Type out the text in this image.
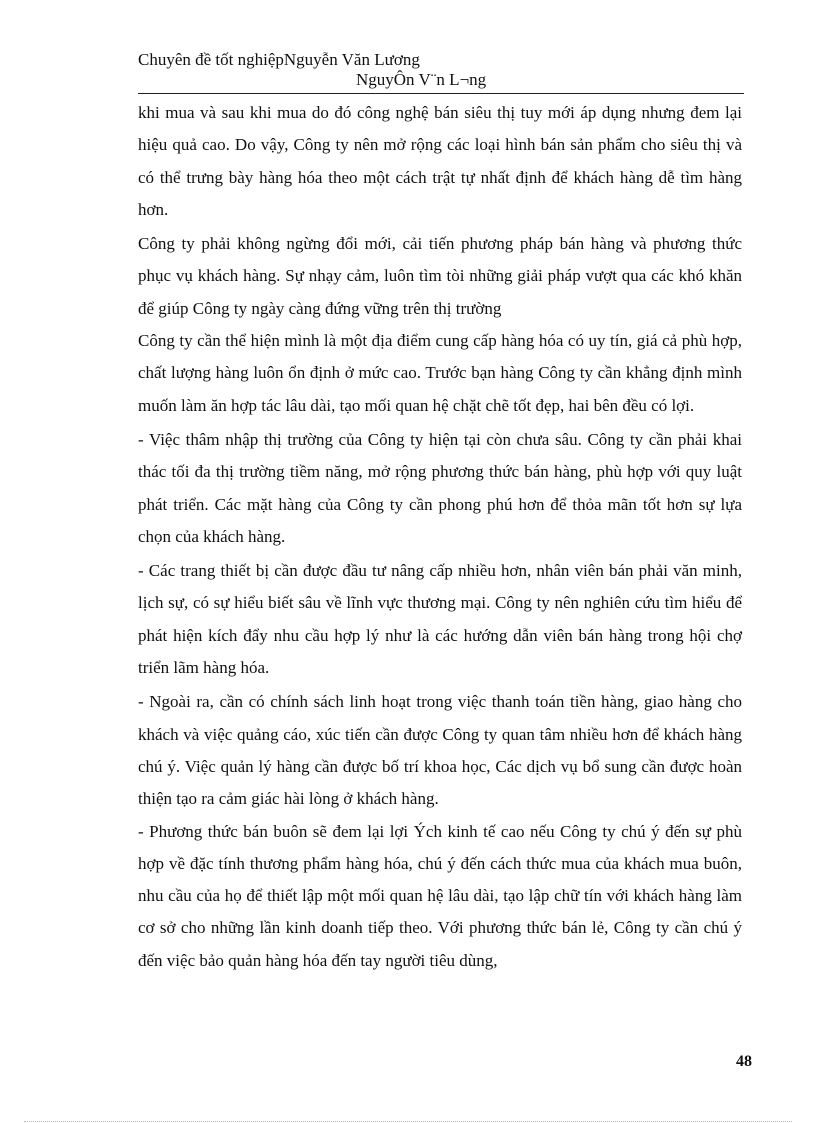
Chuyên đề tốt nghiệpNguyễn Văn Lương
NguyÔn V¨n L¬ng

khi mua và sau khi mua do đó công nghệ bán siêu thị tuy mới áp dụng nhưng đem lại hiệu quả cao. Do vậy, Công ty nên mở rộng các loại hình bán sản phẩm cho siêu thị và có thể trưng bày hàng hóa theo một cách trật tự nhất định để khách hàng dễ tìm hàng hơn.

Công ty phải không ngừng đổi mới, cải tiến phương pháp bán hàng và phương thức phục vụ khách hàng. Sự nhạy cảm, luôn tìm tòi những giải pháp vượt qua các khó khăn để giúp Công ty ngày càng đứng vững trên thị trường

Công ty cần thể hiện mình là một địa điểm cung cấp hàng hóa có uy tín, giá cả phù hợp, chất lượng hàng luôn ổn định ở mức cao. Trước bạn hàng Công ty cần khẳng định mình muốn làm ăn hợp tác lâu dài, tạo mối quan hệ chặt chẽ tốt đẹp, hai bên đều có lợi.

- Việc thâm nhập thị trường của Công ty hiện tại còn chưa sâu. Công ty cần phải khai thác tối đa thị trường tiềm năng, mở rộng phương thức bán hàng, phù hợp với quy luật phát triển. Các mặt hàng của Công ty cần phong phú hơn để thỏa mãn tốt hơn sự lựa chọn của khách hàng.

- Các trang thiết bị cần được đầu tư nâng cấp nhiều hơn, nhân viên bán phải văn minh, lịch sự, có sự hiểu biết sâu về lĩnh vực thương mại. Công ty nên nghiên cứu tìm hiểu để phát hiện kích đẩy nhu cầu hợp lý như là các hướng dẫn viên bán hàng trong hội chợ triển lãm hàng hóa.

- Ngoài ra, cần có chính sách linh hoạt trong việc thanh toán tiền hàng, giao hàng cho khách và việc quảng cáo, xúc tiến cần được Công ty quan tâm nhiều hơn để khách hàng chú ý. Việc quản lý hàng cần được bố trí khoa học, Các dịch vụ bổ sung cần được hoàn thiện tạo ra cảm giác hài lòng ở khách hàng.

- Phương thức bán buôn sẽ đem lại lợi Ých kinh tế cao nếu Công ty chú ý đến sự phù hợp về đặc tính thương phẩm hàng hóa, chú ý đến cách thức mua của khách mua buôn, nhu cầu của họ để thiết lập một mối quan hệ lâu dài, tạo lập chữ tín với khách hàng làm cơ sở cho những lần kinh doanh tiếp theo. Với phương thức bán lẻ, Công ty cần chú ý đến việc bảo quản hàng hóa đến tay người tiêu dùng,

48
